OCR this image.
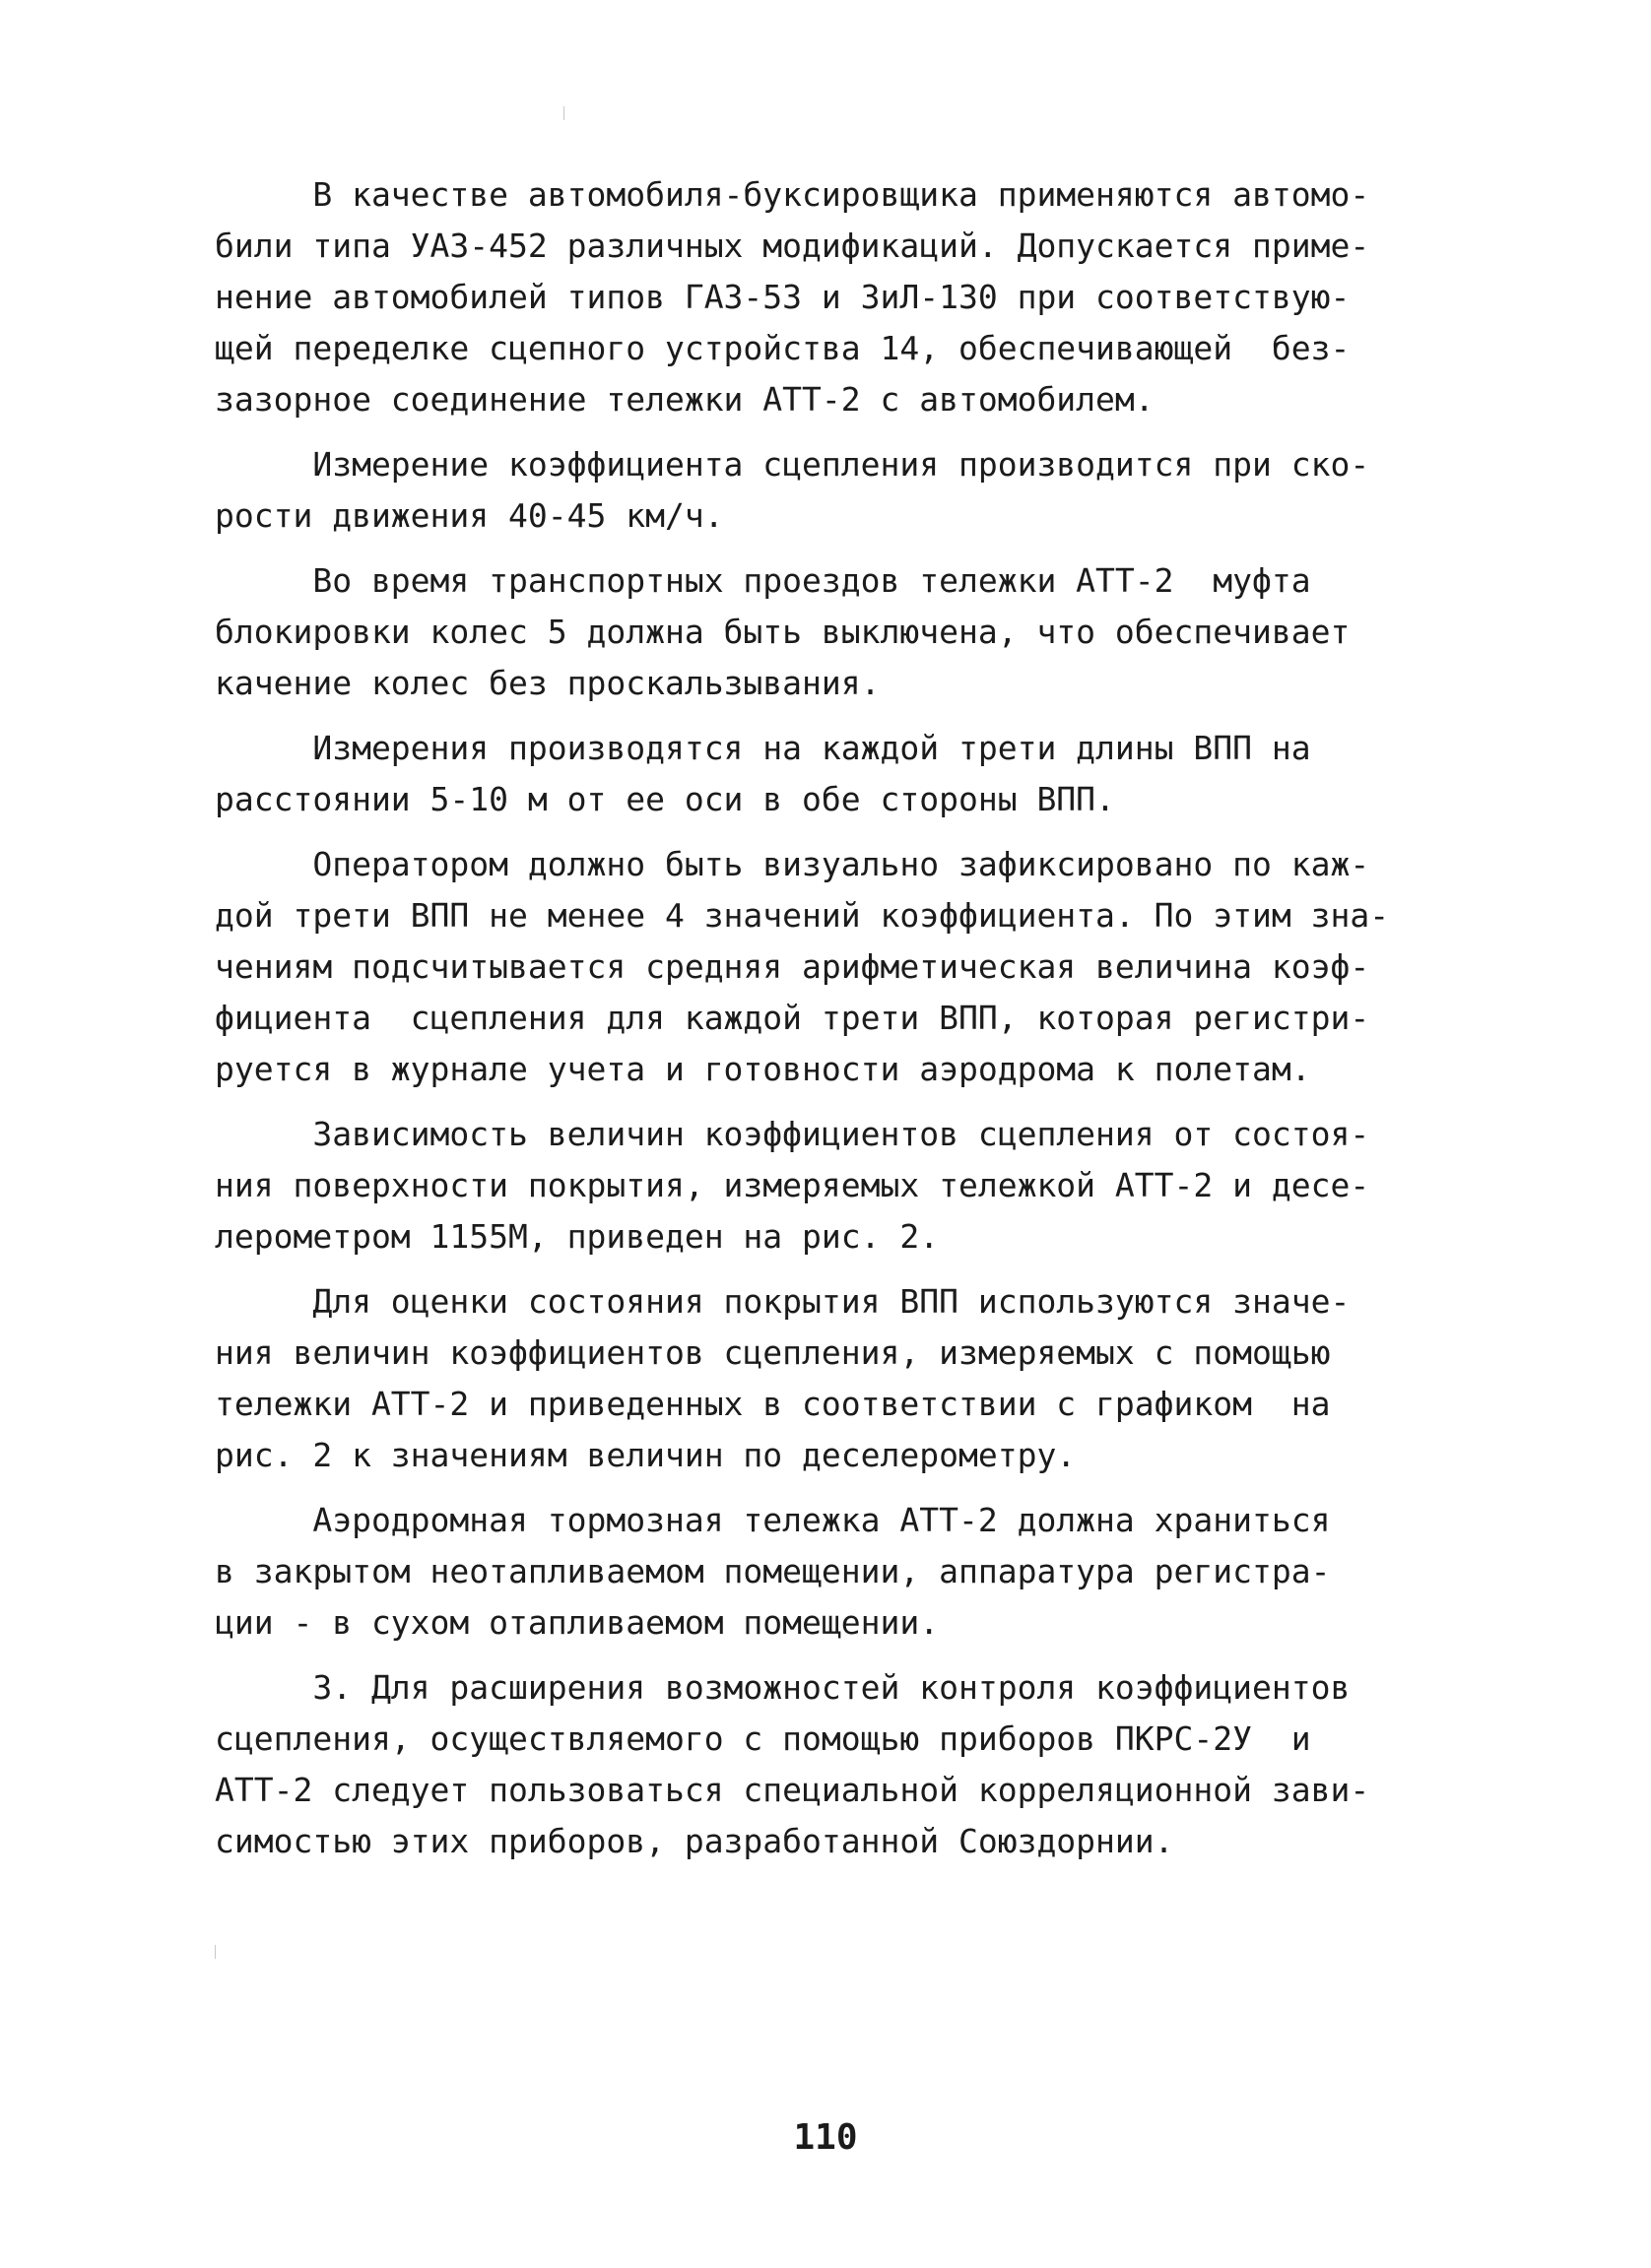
В качестве автомобиля-буксировщика применяются автомо-
били типа УАЗ-452 различных модификаций. Допускается приме-
нение автомобилей типов ГАЗ-53 и ЗиЛ-130 при соответствую-
щей переделке сцепного устройства 14, обеспечивающей  без-
зазорное соединение тележки АТТ-2 с автомобилем.
Измерение коэффициента сцепления производится при ско-
рости движения 40-45 км/ч.
Во время транспортных проездов тележки АТТ-2  муфта
блокировки колес 5 должна быть выключена, что обеспечивает
качение колес без проскальзывания.
Измерения производятся на каждой трети длины ВПП на
расстоянии 5-10 м от ее оси в обе стороны ВПП.
Оператором должно быть визуально зафиксировано по каж-
дой трети ВПП не менее 4 значений коэффициента. По этим зна-
чениям подсчитывается средняя арифметическая величина коэф-
фициента  сцепления для каждой трети ВПП, которая регистри-
руется в журнале учета и готовности аэродрома к полетам.
Зависимость величин коэффициентов сцепления от состоя-
ния поверхности покрытия, измеряемых тележкой АТТ-2 и десе-
лерометром 1155М, приведен на рис. 2.
Для оценки состояния покрытия ВПП используются значе-
ния величин коэффициентов сцепления, измеряемых с помощью
тележки АТТ-2 и приведенных в соответствии с графиком  на
рис. 2 к значениям величин по деселерометру.
Аэродромная тормозная тележка АТТ-2 должна храниться
в закрытом неотапливаемом помещении, аппаратура регистра-
ции - в сухом отапливаемом помещении.
3. Для расширения возможностей контроля коэффициентов
сцепления, осуществляемого с помощью приборов ПКРС-2У  и
АТТ-2 следует пользоваться специальной корреляционной зави-
симостью этих приборов, разработанной Союздорнии.
110
